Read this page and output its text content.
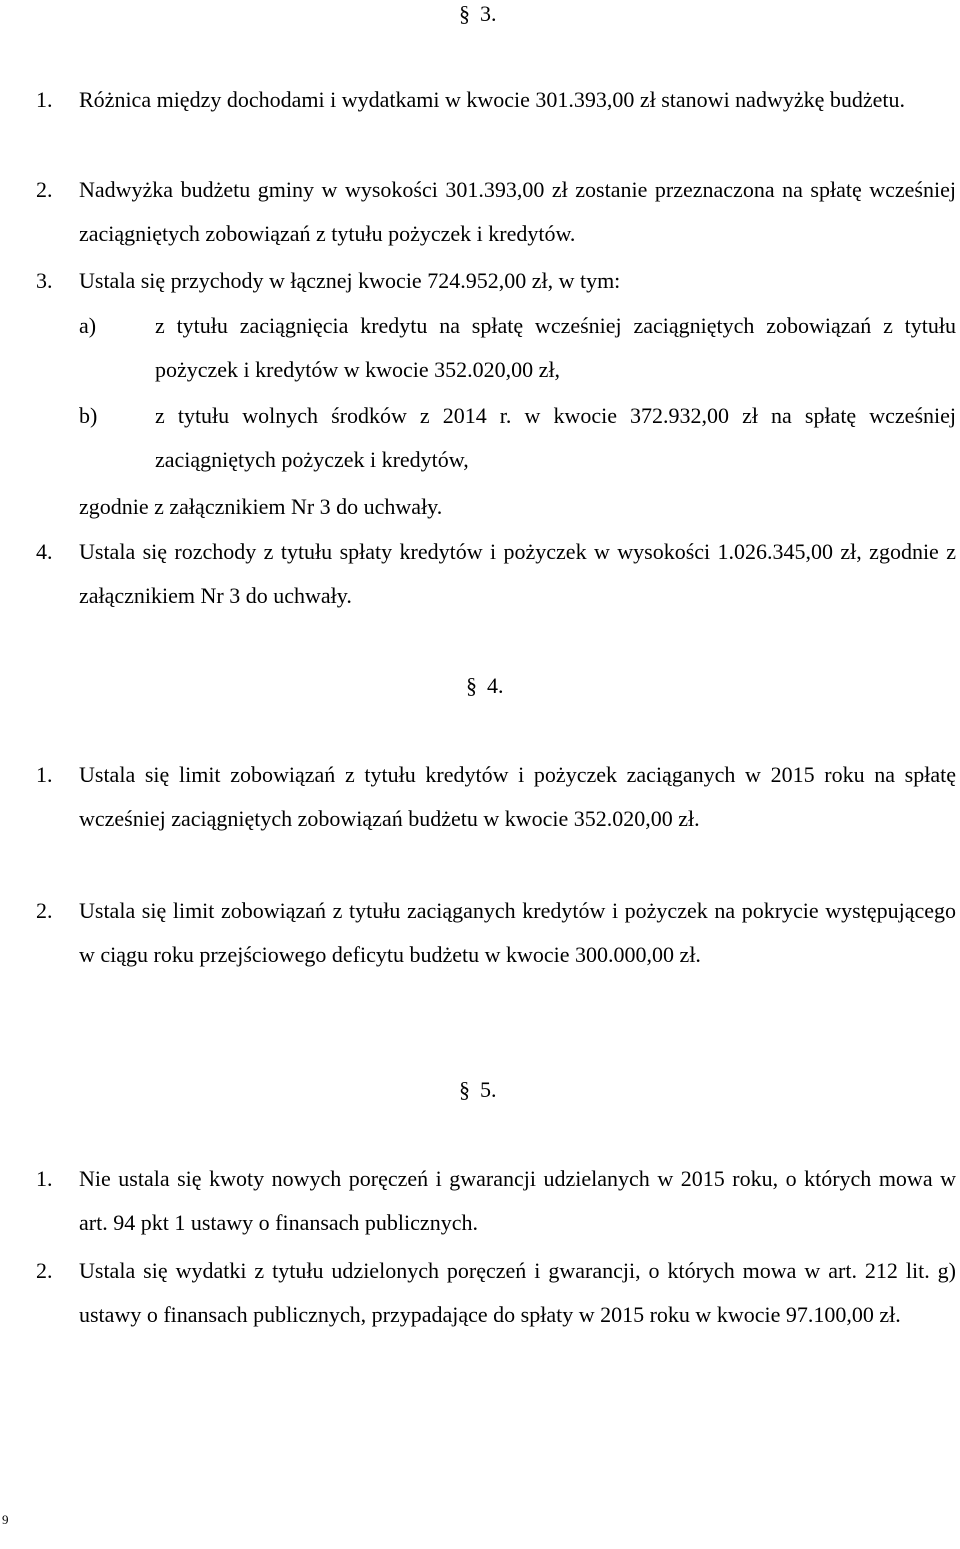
§ 3.
1. Różnica między dochodami i wydatkami w kwocie 301.393,00 zł stanowi nadwyżkę budżetu.
2. Nadwyżka budżetu gminy w wysokości 301.393,00 zł zostanie przeznaczona na spłatę wcześniej zaciągniętych zobowiązań z tytułu pożyczek i kredytów.
3. Ustala się przychody w łącznej kwocie 724.952,00 zł, w tym:
a)	z tytułu zaciągnięcia kredytu na spłatę wcześniej zaciągniętych zobowiązań z tytułu pożyczek i kredytów w kwocie 352.020,00 zł,
b)	z tytułu wolnych środków z 2014 r. w kwocie 372.932,00 zł na spłatę wcześniej zaciągniętych pożyczek i kredytów,
zgodnie z załącznikiem Nr 3 do uchwały.
4. Ustala się rozchody z tytułu spłaty kredytów i pożyczek w wysokości 1.026.345,00 zł, zgodnie z załącznikiem Nr 3 do uchwały.
§ 4.
1. Ustala się limit zobowiązań z tytułu kredytów i pożyczek zaciąganych w 2015 roku na spłatę wcześniej zaciągniętych zobowiązań budżetu w kwocie 352.020,00 zł.
2. Ustala się limit zobowiązań z tytułu zaciąganych kredytów i pożyczek na pokrycie występującego w ciągu roku przejściowego deficytu budżetu w kwocie 300.000,00 zł.
§ 5.
1. Nie ustala się kwoty nowych poręczeń i gwarancji udzielanych w 2015 roku, o których mowa w art. 94 pkt 1 ustawy o finansach publicznych.
2. Ustala się wydatki z tytułu udzielonych poręczeń i gwarancji, o których mowa w art. 212 lit. g) ustawy o finansach publicznych, przypadające do spłaty w 2015 roku w kwocie 97.100,00 zł.
9
